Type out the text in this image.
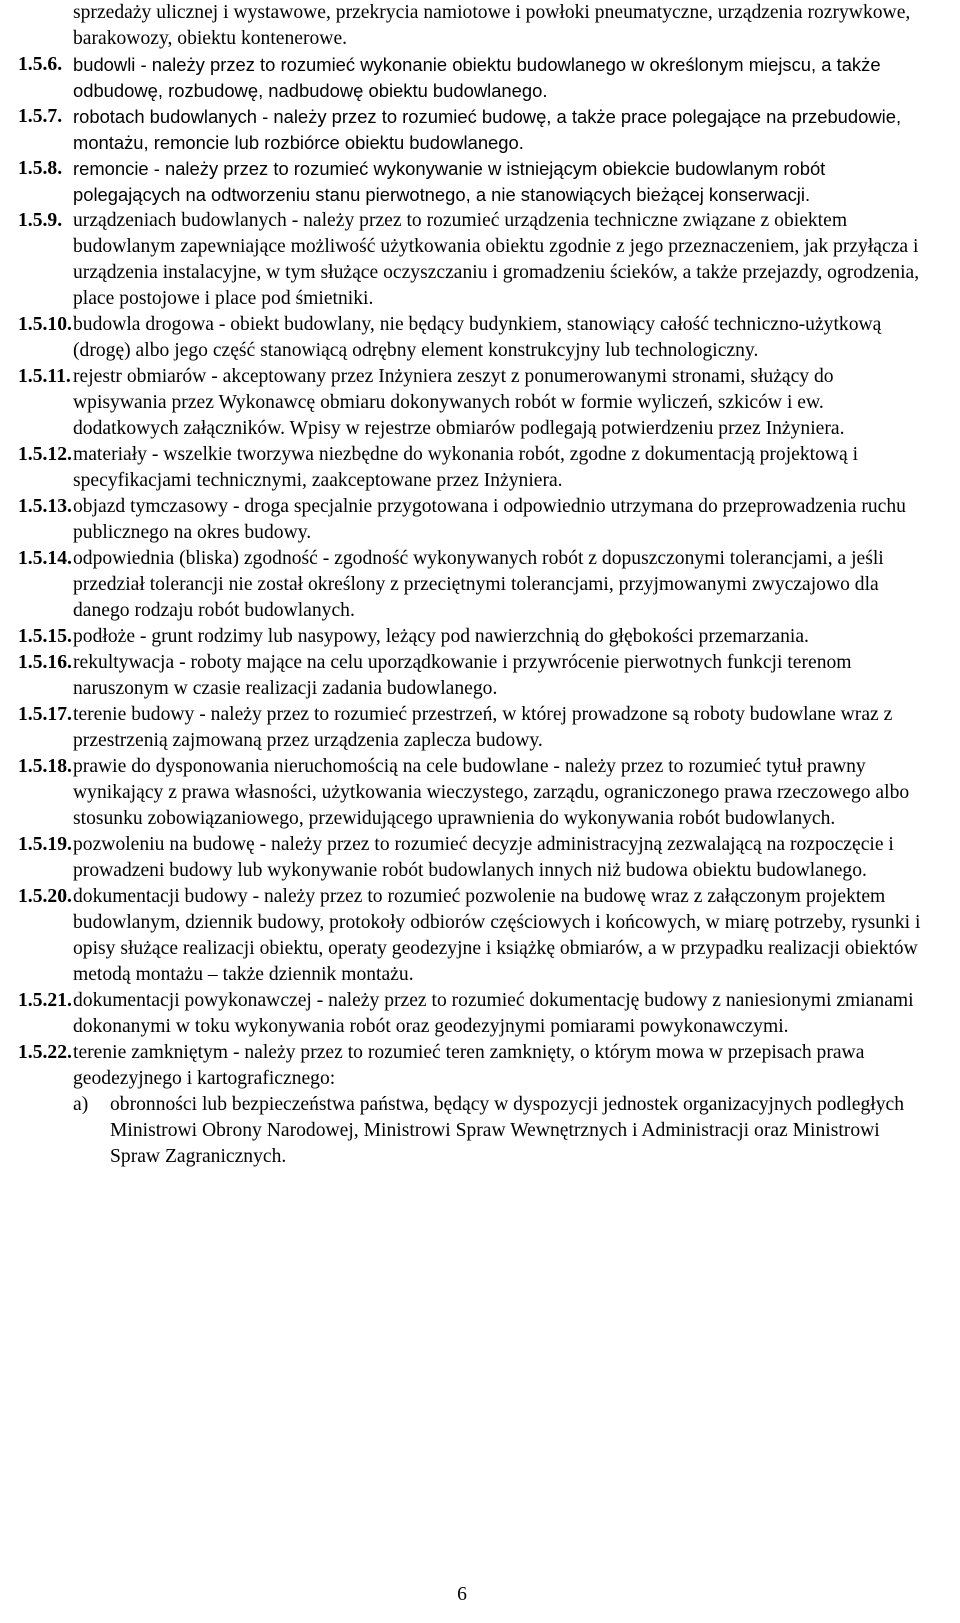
sprzedaży ulicznej i wystawowe, przekrycia namiotowe i powłoki pneumatyczne, urządzenia rozrywkowe, barakowozy, obiektu kontenerowe.
1.5.6. budowli - należy przez to rozumieć wykonanie obiektu budowlanego w określonym miejscu, a także odbudowę, rozbudowę, nadbudowę obiektu budowlanego.
1.5.7. robotach budowlanych - należy przez to rozumieć budowę, a także prace polegające na przebudowie, montażu, remoncie lub rozbiórce obiektu budowlanego.
1.5.8. remoncie - należy przez to rozumieć wykonywanie w istniejącym obiekcie budowlanym robót polegających na odtworzeniu stanu pierwotnego, a nie stanowiących bieżącej konserwacji.
1.5.9. urządzeniach budowlanych - należy przez to rozumieć urządzenia techniczne związane z obiektem budowlanym zapewniające możliwość użytkowania obiektu zgodnie z jego przeznaczeniem, jak przyłącza i urządzenia instalacyjne, w tym służące oczyszczaniu i gromadzeniu ścieków, a także przejazdy, ogrodzenia, place postojowe i place pod śmietniki.
1.5.10. budowla drogowa - obiekt budowlany, nie będący budynkiem, stanowiący całość techniczno-użytkową (drogę) albo jego część stanowiącą odrębny element konstrukcyjny lub technologiczny.
1.5.11. rejestr obmiarów - akceptowany przez Inżyniera zeszyt z ponumerowanymi stronami, służący do wpisywania przez Wykonawcę obmiaru dokonywanych robót w formie wyliczeń, szkiców i ew. dodatkowych załączników. Wpisy w rejestrze obmiarów podlegają potwierdzeniu przez Inżyniera.
1.5.12. materiały - wszelkie tworzywa niezbędne do wykonania robót, zgodne z dokumentacją projektową i specyfikacjami technicznymi, zaakceptowane przez Inżyniera.
1.5.13. objazd tymczasowy - droga specjalnie przygotowana i odpowiednio utrzymana do przeprowadzenia ruchu publicznego na okres budowy.
1.5.14. odpowiednia (bliska) zgodność - zgodność wykonywanych robót z dopuszczonymi tolerancjami, a jeśli przedział tolerancji nie został określony z przeciętnymi tolerancjami, przyjmowanymi zwyczajowo dla danego rodzaju robót budowlanych.
1.5.15. podłoże - grunt rodzimy lub nasypowy, leżący pod nawierzchnią do głębokości przemarzania.
1.5.16. rekultywacja - roboty mające na celu uporządkowanie i przywrócenie pierwotnych funkcji terenom naruszonym w czasie realizacji zadania budowlanego.
1.5.17. terenie budowy - należy przez to rozumieć przestrzeń, w której prowadzone są roboty budowlane wraz z przestrzenią zajmowaną przez urządzenia zaplecza budowy.
1.5.18. prawie do dysponowania nieruchomością na cele budowlane - należy przez to rozumieć tytuł prawny wynikający z prawa własności, użytkowania wieczystego, zarządu, ograniczonego prawa rzeczowego albo stosunku zobowiązaniowego, przewidującego uprawnienia do wykonywania robót budowlanych.
1.5.19. pozwoleniu na budowę - należy przez to rozumieć decyzje administracyjną zezwalającą na rozpoczęcie i prowadzeni budowy lub wykonywanie robót budowlanych innych niż budowa obiektu budowlanego.
1.5.20. dokumentacji budowy - należy przez to rozumieć pozwolenie na budowę wraz z załączonym projektem budowlanym, dziennik budowy, protokoły odbiorów częściowych i końcowych, w miarę potrzeby, rysunki i opisy służące realizacji obiektu, operaty geodezyjne i książkę obmiarów, a w przypadku realizacji obiektów metodą montażu – także dziennik montażu.
1.5.21. dokumentacji powykonawczej - należy przez to rozumieć dokumentację budowy z naniesionymi zmianami dokonanymi w toku wykonywania robót oraz geodezyjnymi pomiarami powykonawczymi.
1.5.22. terenie zamkniętym - należy przez to rozumieć teren zamknięty, o którym mowa w przepisach prawa geodezyjnego i kartograficznego:
a) obronności lub bezpieczeństwa państwa, będący w dyspozycji jednostek organizacyjnych podległych Ministrowi Obrony Narodowej, Ministrowi Spraw Wewnętrznych i Administracji oraz Ministrowi Spraw Zagranicznych.
6
